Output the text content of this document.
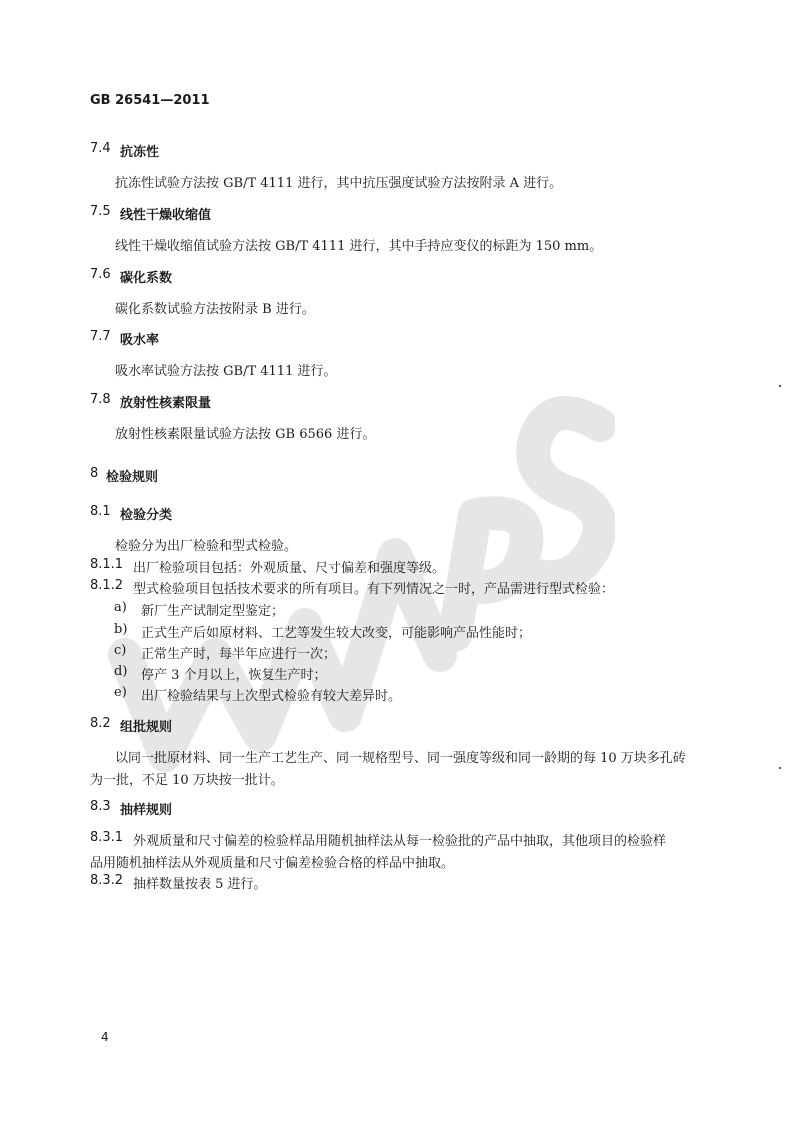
GB 26541—2011
7.4 抗冻性
抗冻性试验方法按 GB/T 4111 进行，其中抗压强度试验方法按附录 A 进行。
7.5 线性干燥收缩值
线性干燥收缩值试验方法按 GB/T 4111 进行，其中手持应变仪的标距为 150 mm。
7.6 碳化系数
碳化系数试验方法按附录 B 进行。
7.7 吸水率
吸水率试验方法按 GB/T 4111 进行。
7.8 放射性核素限量
放射性核素限量试验方法按 GB 6566 进行。
8 检验规则
8.1 检验分类
检验分为出厂检验和型式检验。
8.1.1 出厂检验项目包括：外观质量、尺寸偏差和强度等级。
8.1.2 型式检验项目包括技术要求的所有项目。有下列情况之一时，产品需进行型式检验：
a) 新厂生产试制定型鉴定；
b) 正式生产后如原材料、工艺等发生较大改变，可能影响产品性能时；
c) 正常生产时，每半年应进行一次；
d) 停产 3 个月以上，恢复生产时；
e) 出厂检验结果与上次型式检验有较大差异时。
8.2 组批规则
以同一批原材料、同一生产工艺生产、同一规格型号、同一强度等级和同一龄期的每 10 万块多孔砖
为一批，不足 10 万块按一批计。
8.3 抽样规则
8.3.1 外观质量和尺寸偏差的检验样品用随机抽样法从每一检验批的产品中抽取，其他项目的检验样
品用随机抽样法从外观质量和尺寸偏差检验合格的样品中抽取。
8.3.2 抽样数量按表 5 进行。
4
